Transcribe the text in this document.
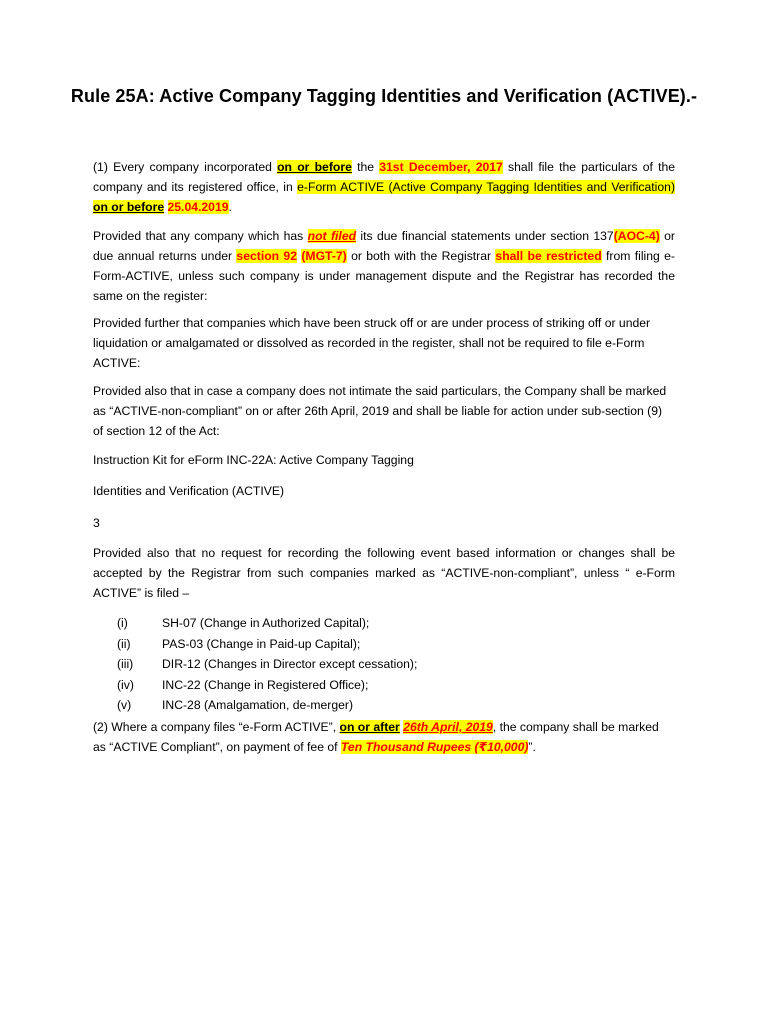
Rule 25A: Active Company Tagging Identities and Verification (ACTIVE).-
(1) Every company incorporated on or before the 31st December, 2017 shall file the particulars of the company and its registered office, in e-Form ACTIVE (Active Company Tagging Identities and Verification) on or before 25.04.2019.
Provided that any company which has not filed its due financial statements under section 137(AOC-4) or due annual returns under section 92 (MGT-7) or both with the Registrar shall be restricted from filing e-Form-ACTIVE, unless such company is under management dispute and the Registrar has recorded the same on the register:
Provided further that companies which have been struck off or are under process of striking off or under liquidation or amalgamated or dissolved as recorded in the register, shall not be required to file e-Form ACTIVE:
Provided also that in case a company does not intimate the said particulars, the Company shall be marked as “ACTIVE-non-compliant” on or after 26th April, 2019 and shall be liable for action under sub-section (9) of section 12 of the Act:
Instruction Kit for eForm INC-22A: Active Company Tagging
Identities and Verification (ACTIVE)
3
Provided also that no request for recording the following event based information or changes shall be accepted by the Registrar from such companies marked as “ACTIVE-non-compliant”, unless “ e-Form ACTIVE” is filed –
(i)	SH-07 (Change in Authorized Capital);
(ii)	PAS-03 (Change in Paid-up Capital);
(iii)	DIR-12 (Changes in Director except cessation);
(iv)	INC-22 (Change in Registered Office);
(v)	INC-28 (Amalgamation, de-merger)
(2) Where a company files “e-Form ACTIVE”, on or after 26th April, 2019, the company shall be marked as “ACTIVE Compliant”, on payment of fee of Ten Thousand Rupees (₹10,000)”.
